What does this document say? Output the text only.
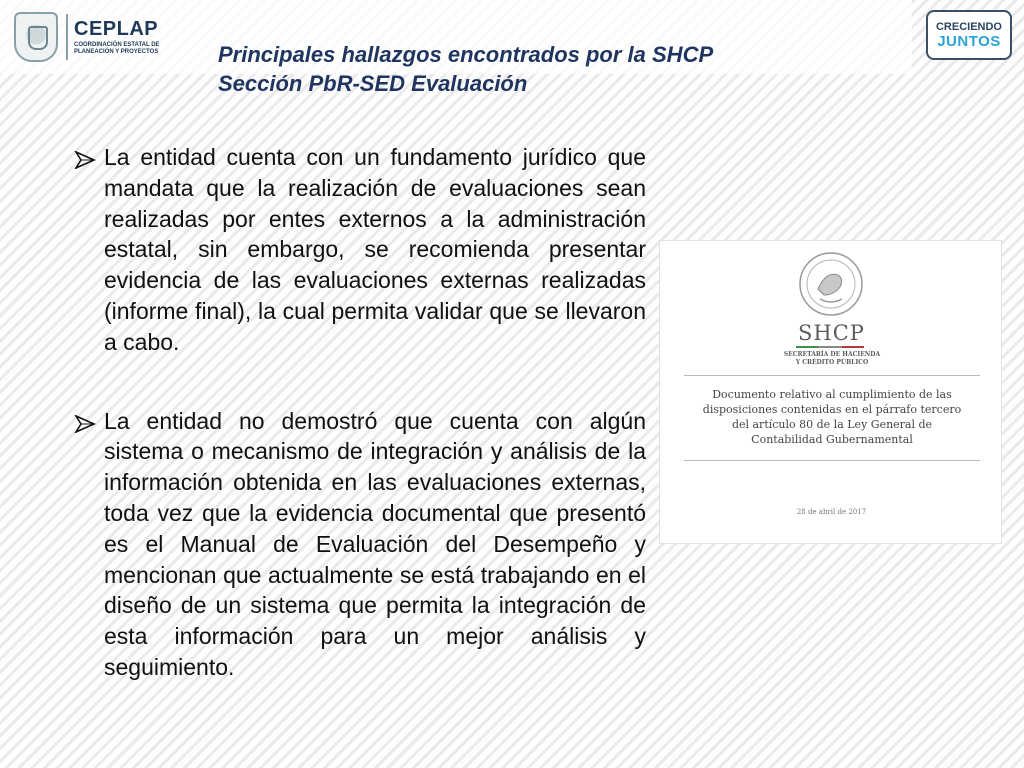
CEPLAP
COORDINACIÓN ESTATAL DE PLANEACIÓN Y PROYECTOS	Principales hallazgos encontrados por la SHCP
Sección PbR-SED Evaluación
CRECIENDO
JUNTOS

La entidad cuenta con un fundamento jurídico que mandata que la realización de evaluaciones sean realizadas por entes externos a la administración estatal, sin embargo, se recomienda presentar evidencia de las evaluaciones externas realizadas (informe final), la cual permita validar que se llevaron a cabo.

La entidad no demostró que cuenta con algún sistema o mecanismo de integración y análisis de la información obtenida en las evaluaciones externas, toda vez que la evidencia documental que presentó es el Manual de Evaluación del Desempeño y mencionan que actualmente se está trabajando en el diseño de un sistema que permita la integración de esta información para un mejor análisis y seguimiento.

SHCP
SECRETARÍA DE HACIENDA
Y CRÉDITO PÚBLICO
Documento relativo al cumplimiento de las disposiciones contenidas en el párrafo tercero del artículo 80 de la Ley General de Contabilidad Gubernamental
28 de abril de 2017
